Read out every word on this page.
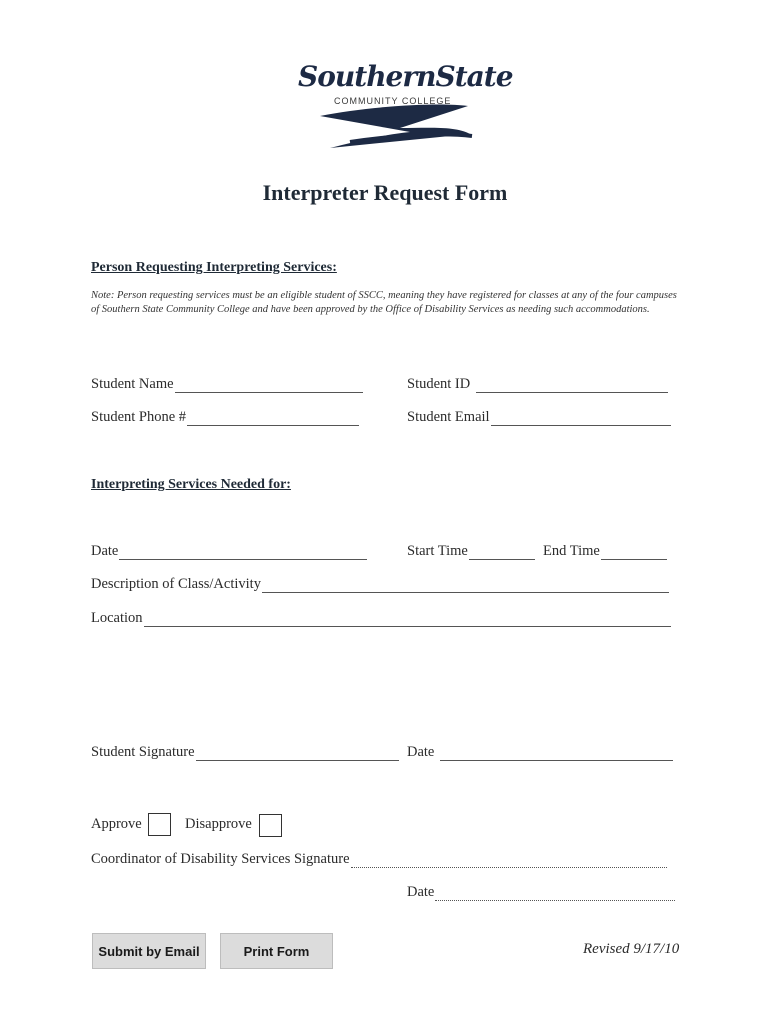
SouthernState
COMMUNITY COLLEGE
Interpreter Request Form
Person Requesting Interpreting Services:
Note: Person requesting services must be an eligible student of SSCC, meaning they have registered for classes at any of the four campuses of Southern State Community College and have been approved by the Office of Disability Services as needing such accommodations.
Student Name	Student ID
Student Phone #	Student Email
Interpreting Services Needed for:
Date	Start Time	End Time
Description of Class/Activity
Location
Student Signature	Date
Approve	Disapprove
Coordinator of Disability Services Signature
Date
Submit by Email	Print Form	Revised 9/17/10
